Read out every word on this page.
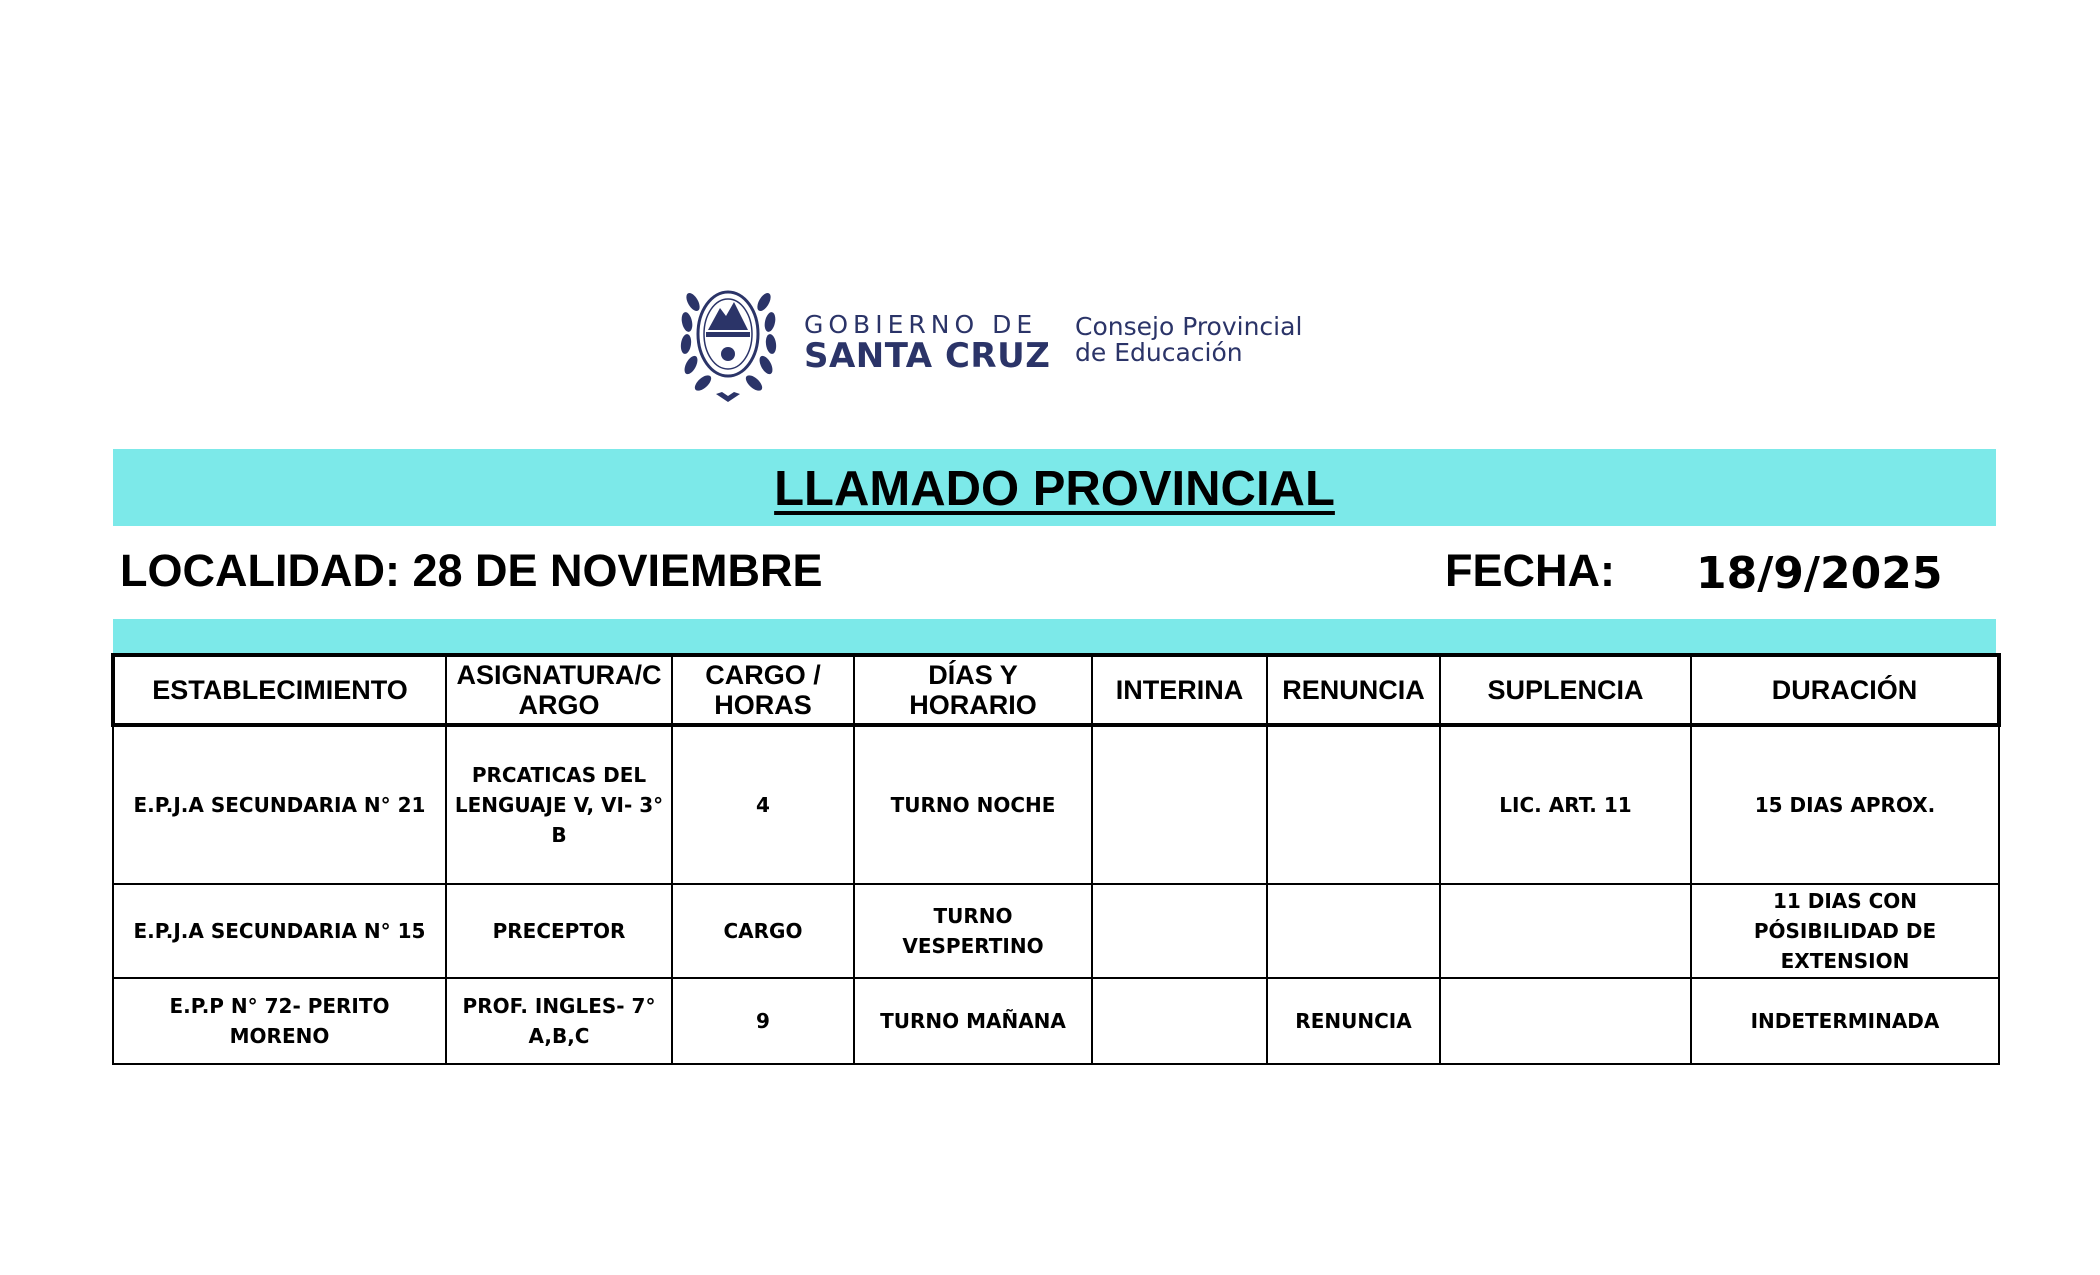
GOBIERNO DE
SANTA CRUZ
Consejo Provincial
de Educación
LLAMADO PROVINCIAL
LOCALIDAD: 28 DE NOVIEMBRE	FECHA: 18/9/2025
ESTABLECIMIENTO	ASIGNATURA/C ARGO	CARGO / HORAS	DÍAS Y HORARIO	INTERINA	RENUNCIA	SUPLENCIA	DURACIÓN
E.P.J.A SECUNDARIA N° 21	PRCATICAS DEL LENGUAJE V, VI- 3° B	4	TURNO NOCHE			LIC. ART. 11	15 DIAS APROX.
E.P.J.A SECUNDARIA N° 15	PRECEPTOR	CARGO	TURNO VESPERTINO				11 DIAS CON PÓSIBILIDAD DE EXTENSION
E.P.P N° 72- PERITO MORENO	PROF. INGLES- 7° A,B,C	9	TURNO MAÑANA		RENUNCIA		INDETERMINADA
